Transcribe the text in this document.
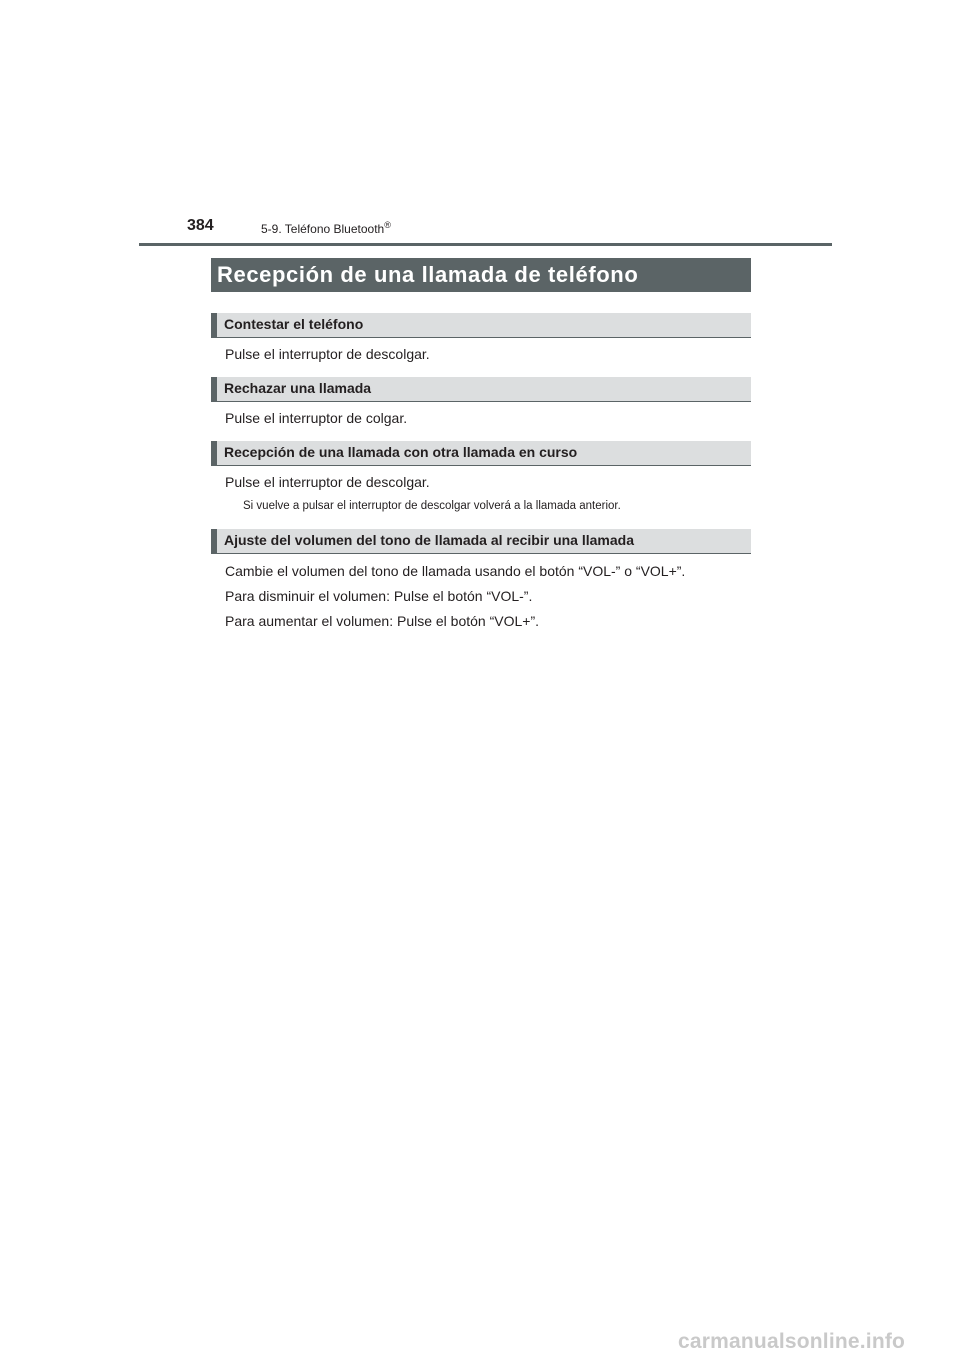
384	5-9. Teléfono Bluetooth®
Recepción de una llamada de teléfono
Contestar el teléfono
Pulse el interruptor de descolgar.
Rechazar una llamada
Pulse el interruptor de colgar.
Recepción de una llamada con otra llamada en curso
Pulse el interruptor de descolgar.
Si vuelve a pulsar el interruptor de descolgar volverá a la llamada anterior.
Ajuste del volumen del tono de llamada al recibir una llamada
Cambie el volumen del tono de llamada usando el botón “VOL-” o “VOL+”.
Para disminuir el volumen: Pulse el botón “VOL-”.
Para aumentar el volumen: Pulse el botón “VOL+”.
carmanualsonline.info
